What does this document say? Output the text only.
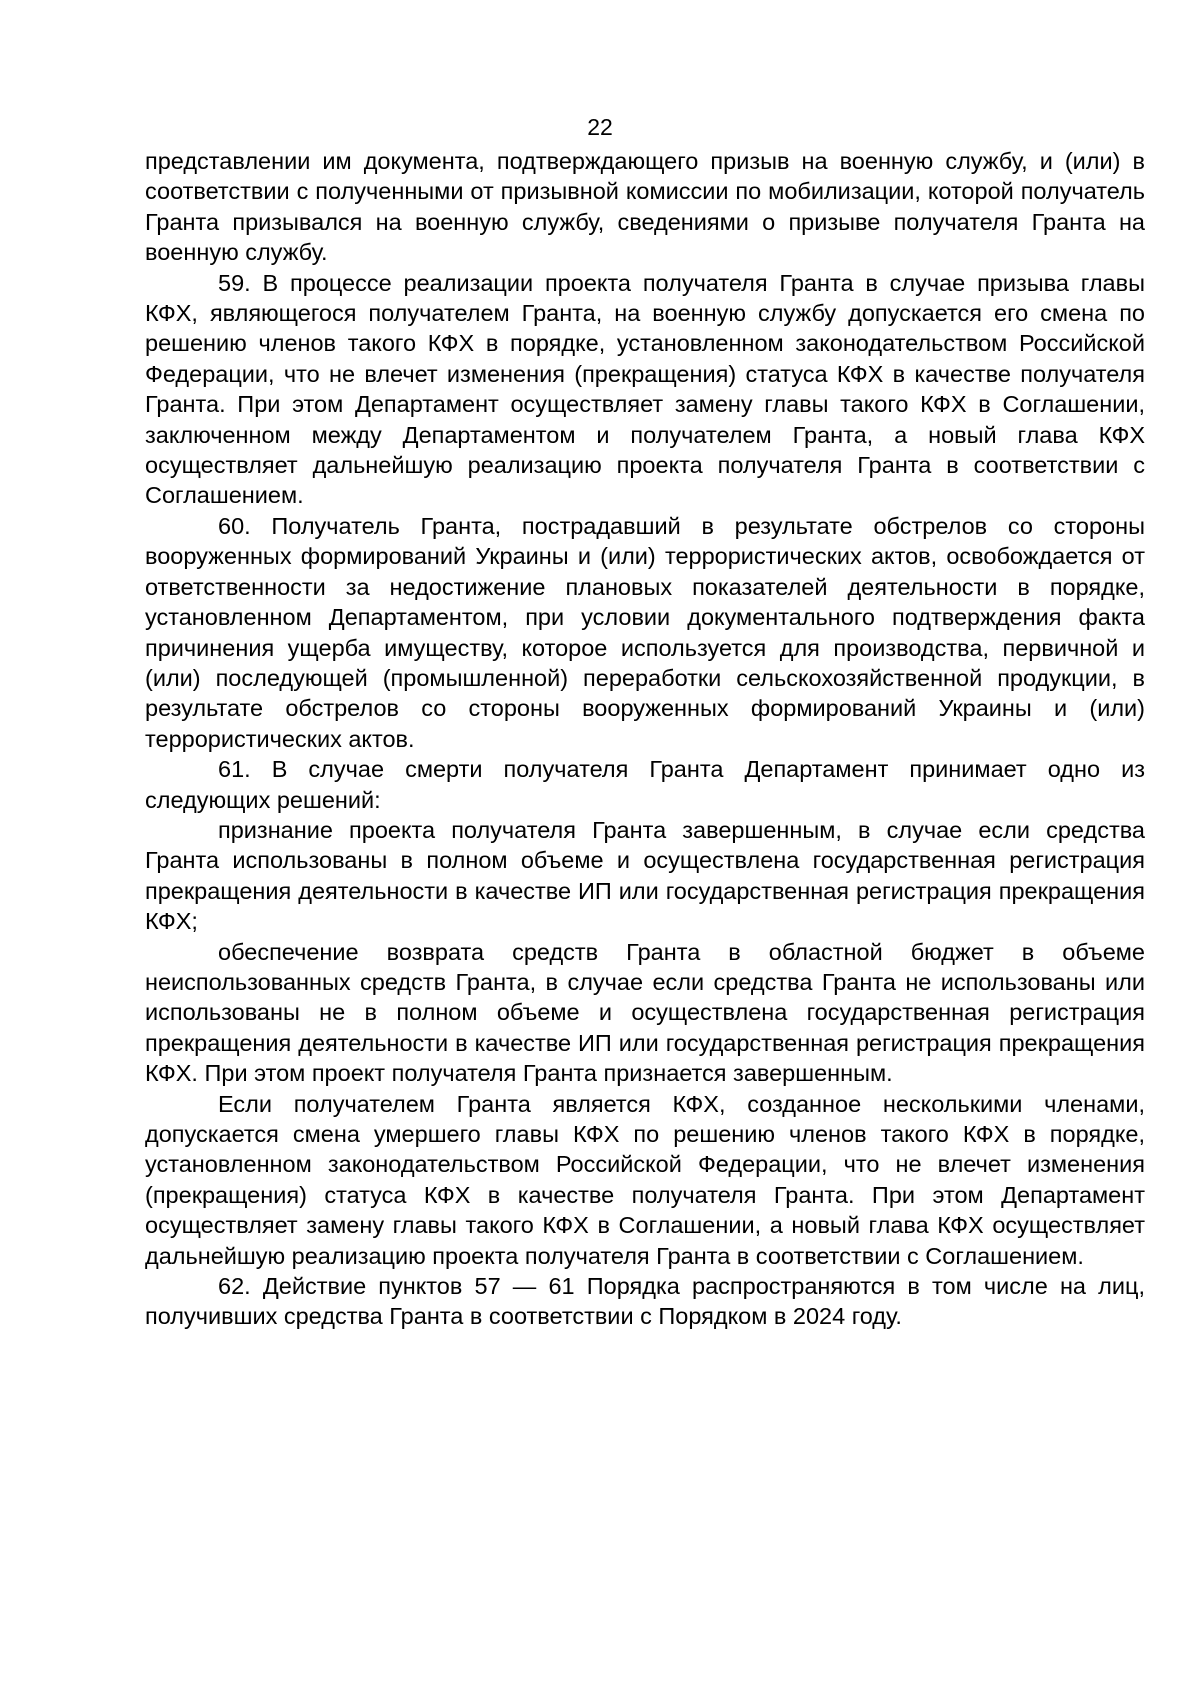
22

представлении им документа, подтверждающего призыв на военную службу, и (или) в соответствии с полученными от призывной комиссии по мобилизации, которой получатель Гранта призывался на военную службу, сведениями о призыве получателя Гранта на военную службу.

59. В процессе реализации проекта получателя Гранта в случае призыва главы КФХ, являющегося получателем Гранта, на военную службу допускается его смена по решению членов такого КФХ в порядке, установленном законодательством Российской Федерации, что не влечет изменения (прекращения) статуса КФХ в качестве получателя Гранта. При этом Департамент осуществляет замену главы такого КФХ в Соглашении, заключенном между Департаментом и получателем Гранта, а новый глава КФХ осуществляет дальнейшую реализацию проекта получателя Гранта в соответствии с Соглашением.

60. Получатель Гранта, пострадавший в результате обстрелов со стороны вооруженных формирований Украины и (или) террористических актов, освобождается от ответственности за недостижение плановых показателей деятельности в порядке, установленном Департаментом, при условии документального подтверждения факта причинения ущерба имуществу, которое используется для производства, первичной и (или) последующей (промышленной) переработки сельскохозяйственной продукции, в результате обстрелов со стороны вооруженных формирований Украины и (или) террористических актов.

61. В случае смерти получателя Гранта Департамент принимает одно из следующих решений:

признание проекта получателя Гранта завершенным, в случае если средства Гранта использованы в полном объеме и осуществлена государственная регистрация прекращения деятельности в качестве ИП или государственная регистрация прекращения КФХ;

обеспечение возврата средств Гранта в областной бюджет в объеме неиспользованных средств Гранта, в случае если средства Гранта не использованы или использованы не в полном объеме и осуществлена государственная регистрация прекращения деятельности в качестве ИП или государственная регистрация прекращения КФХ. При этом проект получателя Гранта признается завершенным.

Если получателем Гранта является КФХ, созданное несколькими членами, допускается смена умершего главы КФХ по решению членов такого КФХ в порядке, установленном законодательством Российской Федерации, что не влечет изменения (прекращения) статуса КФХ в качестве получателя Гранта. При этом Департамент осуществляет замену главы такого КФХ в Соглашении, а новый глава КФХ осуществляет дальнейшую реализацию проекта получателя Гранта в соответствии с Соглашением.

62. Действие пунктов 57 — 61 Порядка распространяются в том числе на лиц, получивших средства Гранта в соответствии с Порядком в 2024 году.
